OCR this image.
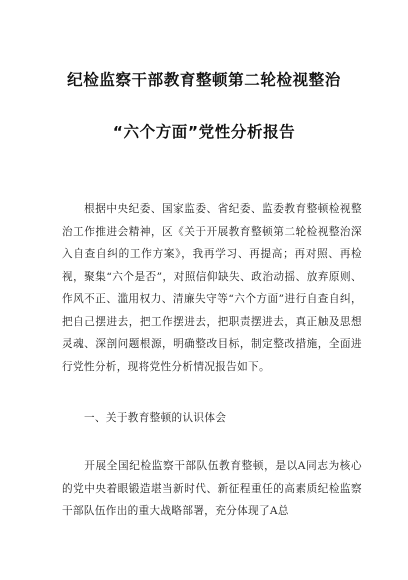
纪检监察干部教育整顿第二轮检视整治
“六个方面”党性分析报告
根据中央纪委、国家监委、省纪委、监委教育整顿检视整治工作推进会精神，区《关于开展教育整顿第二轮检视整治深入自查自纠的工作方案》，我再学习、再提高；再对照、再检视，聚集“六个是否”，对照信仰缺失、政治动摇、放弃原则、作风不正、滥用权力、清廉失守等“六个方面”进行自查自纠，把自己摆进去，把工作摆进去，把职责摆进去，真正触及思想灵魂、深剖问题根源，明确整改目标，制定整改措施，全面进行党性分析，现将党性分析情况报告如下。
一、关于教育整顿的认识体会
开展全国纪检监察干部队伍教育整顿，是以A同志为核心的党中央着眼锻造堪当新时代、新征程重任的高素质纪检监察干部队伍作出的重大战略部署，充分体现了A总
